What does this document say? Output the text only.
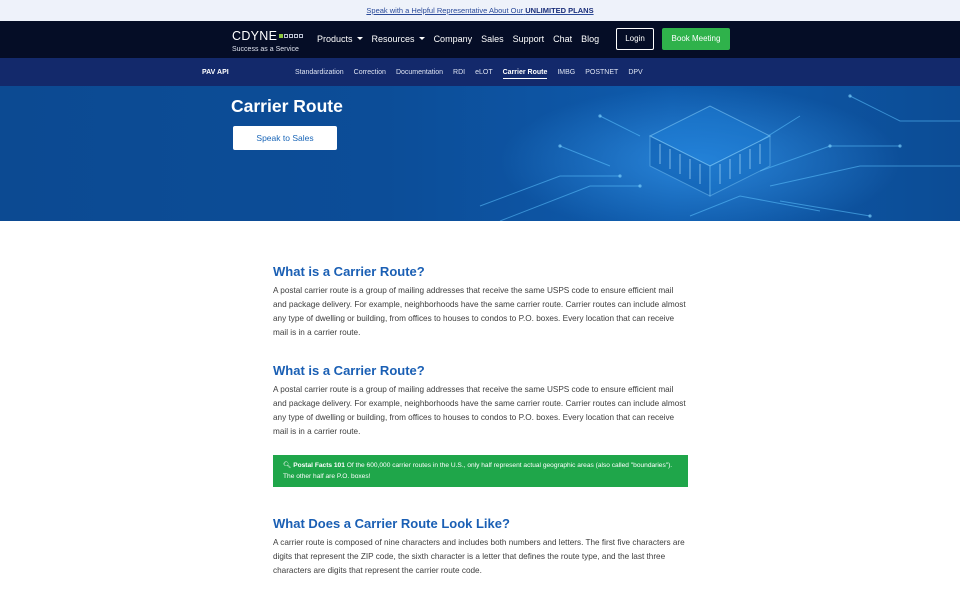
Speak with a Helpful Representative About Our UNLIMITED PLANS
CDYNE
Success as a Service
Products	Resources	Company Sales Support Chat Blog	Login	Book Meeting
PAV API	Standardization Correction Documentation RDI eLOT Carrier Route IMBG POSTNET DPV
Carrier Route
Speak to Sales
What is a Carrier Route?
A postal carrier route is a group of mailing addresses that receive the same USPS code to ensure efficient mail and package delivery. For example, neighborhoods have the same carrier route. Carrier routes can include almost any type of dwelling or building, from offices to houses to condos to P.O. boxes. Every location that can receive mail is in a carrier route.
What is a Carrier Route?
A postal carrier route is a group of mailing addresses that receive the same USPS code to ensure efficient mail and package delivery. For example, neighborhoods have the same carrier route. Carrier routes can include almost any type of dwelling or building, from offices to houses to condos to P.O. boxes. Every location that can receive mail is in a carrier route.
🔍︎ Postal Facts 101 Of the 600,000 carrier routes in the U.S., only half represent actual geographic areas (also called "boundaries"). The other half are P.O. boxes!
What Does a Carrier Route Look Like?
A carrier route is composed of nine characters and includes both numbers and letters. The first five characters are digits that represent the ZIP code, the sixth character is a letter that defines the route type, and the last three characters are digits that represent the carrier route code.
